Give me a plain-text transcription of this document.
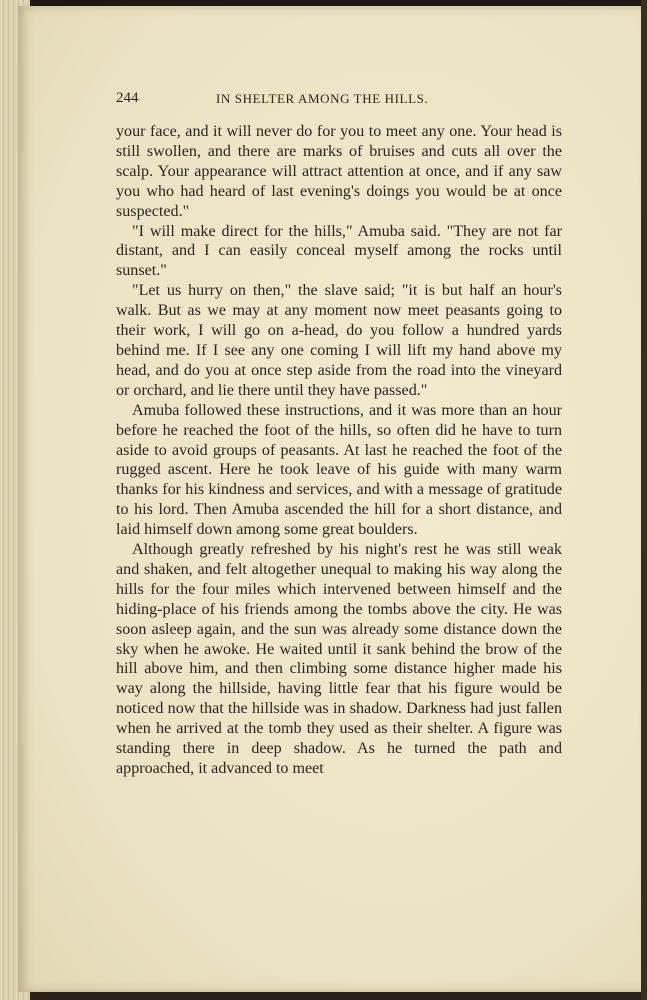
244	IN SHELTER AMONG THE HILLS.

your face, and it will never do for you to meet any one. Your head is still swollen, and there are marks of bruises and cuts all over the scalp. Your appearance will attract attention at once, and if any saw you who had heard of last evening's doings you would be at once suspected."

"I will make direct for the hills," Amuba said. "They are not far distant, and I can easily conceal myself among the rocks until sunset."

"Let us hurry on then," the slave said; "it is but half an hour's walk. But as we may at any moment now meet peasants going to their work, I will go on a-head, do you follow a hundred yards behind me. If I see any one coming I will lift my hand above my head, and do you at once step aside from the road into the vineyard or orchard, and lie there until they have passed."

Amuba followed these instructions, and it was more than an hour before he reached the foot of the hills, so often did he have to turn aside to avoid groups of peasants. At last he reached the foot of the rugged ascent. Here he took leave of his guide with many warm thanks for his kindness and services, and with a message of gratitude to his lord. Then Amuba ascended the hill for a short distance, and laid himself down among some great boulders.

Although greatly refreshed by his night's rest he was still weak and shaken, and felt altogether unequal to making his way along the hills for the four miles which intervened between himself and the hiding-place of his friends among the tombs above the city. He was soon asleep again, and the sun was already some distance down the sky when he awoke. He waited until it sank behind the brow of the hill above him, and then climbing some distance higher made his way along the hillside, having little fear that his figure would be noticed now that the hillside was in shadow. Darkness had just fallen when he arrived at the tomb they used as their shelter. A figure was standing there in deep shadow. As he turned the path and approached, it advanced to meet
